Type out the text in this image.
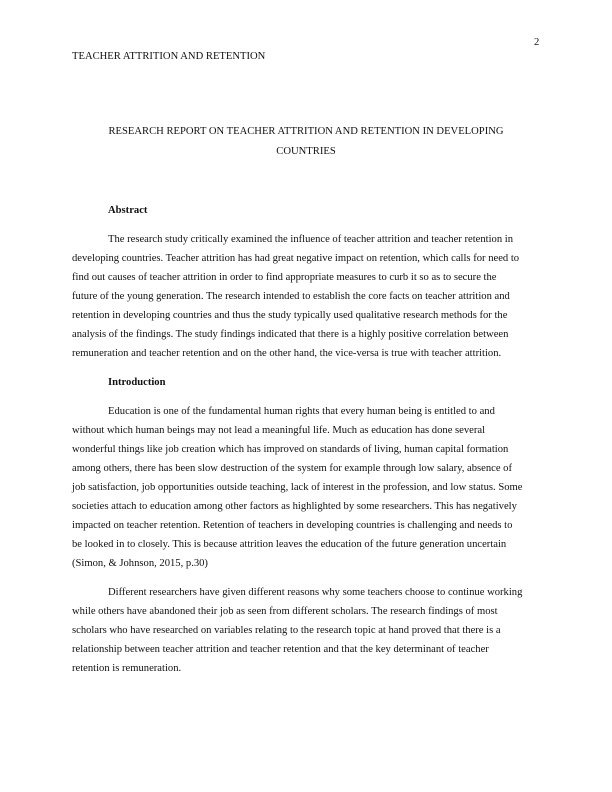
TEACHER ATTRITION AND RETENTION
2
RESEARCH REPORT ON TEACHER ATTRITION AND RETENTION IN DEVELOPING
COUNTRIES
Abstract
The research study critically examined the influence of teacher attrition and teacher retention in
developing countries. Teacher attrition has had great negative impact on retention, which calls for need to
find out causes of teacher attrition in order to find appropriate measures to curb it so as to secure the
future of the young generation. The research intended to establish the core facts on teacher attrition and
retention in developing countries and thus the study typically used qualitative research methods for the
analysis of the findings. The study findings indicated that there is a highly positive correlation between
remuneration and teacher retention and on the other hand, the vice-versa is true with teacher attrition.
Introduction
Education is one of the fundamental human rights that every human being is entitled to and
without which human beings may not lead a meaningful life. Much as education has done several
wonderful things like job creation which has improved on standards of living, human capital formation
among others, there has been slow destruction of the system for example through low salary, absence of
job satisfaction, job opportunities outside teaching, lack of interest in the profession, and low status. Some
societies attach to education among other factors as highlighted by some researchers. This has negatively
impacted on teacher retention. Retention of teachers in developing countries is challenging and needs to
be looked in to closely. This is because attrition leaves the education of the future generation uncertain
(Simon, & Johnson, 2015, p.30)
Different researchers have given different reasons why some teachers choose to continue working
while others have abandoned their job as seen from different scholars. The research findings of most
scholars who have researched on variables relating to the research topic at hand proved that there is a
relationship between teacher attrition and teacher retention and that the key determinant of teacher
retention is remuneration.
